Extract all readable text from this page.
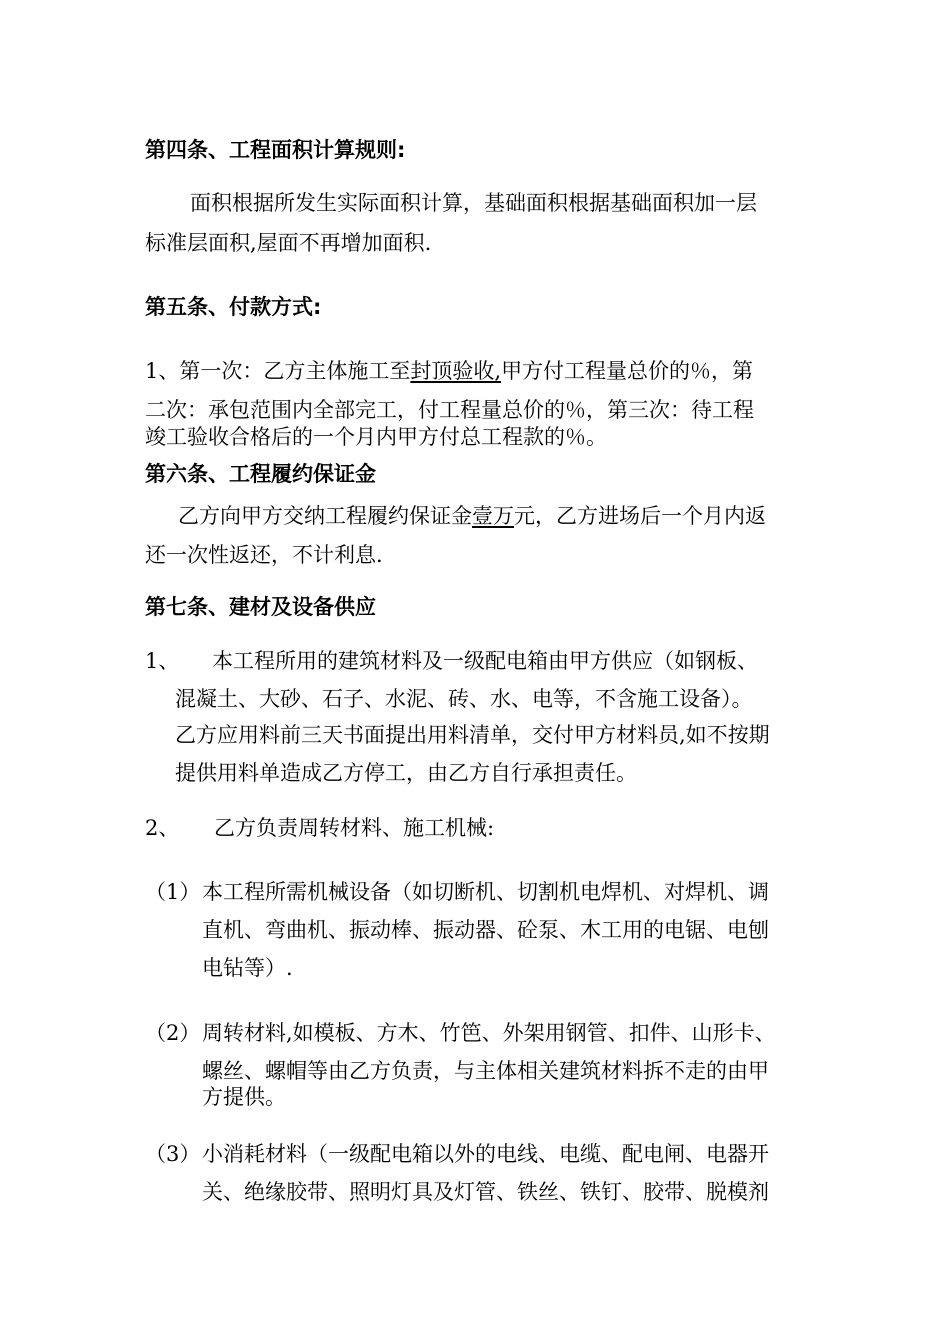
第四条、工程面积计算规则:
面积根据所发生实际面积计算，基础面积根据基础面积加一层
标准层面积,屋面不再增加面积.
第五条、付款方式:
1、第一次：乙方主体施工至封顶验收,甲方付工程量总价的％，第
二次：承包范围内全部完工，付工程量总价的％，第三次：待工程
竣工验收合格后的一个月内甲方付总工程款的％。
第六条、工程履约保证金
乙方向甲方交纳工程履约保证金壹万元，乙方进场后一个月内返
还一次性返还，不计利息.
第七条、建材及设备供应
1、 本工程所用的建筑材料及一级配电箱由甲方供应（如钢板、
混凝土、大砂、石子、水泥、砖、水、电等，不含施工设备）。
乙方应用料前三天书面提出用料清单，交付甲方材料员,如不按期
提供用料单造成乙方停工，由乙方自行承担责任。
2、 乙方负责周转材料、施工机械:
（1） 本工程所需机械设备（如切断机、切割机电焊机、对焊机、调
直机、弯曲机、振动棒、振动器、砼泵、木工用的电锯、电刨
电钻等）.
（2） 周转材料,如模板、方木、竹笆、外架用钢管、扣件、山形卡、
螺丝、螺帽等由乙方负责，与主体相关建筑材料拆不走的由甲
方提供。
（3） 小消耗材料（一级配电箱以外的电线、电缆、配电闸、电器开
关、绝缘胶带、照明灯具及灯管、铁丝、铁钉、胶带、脱模剂
